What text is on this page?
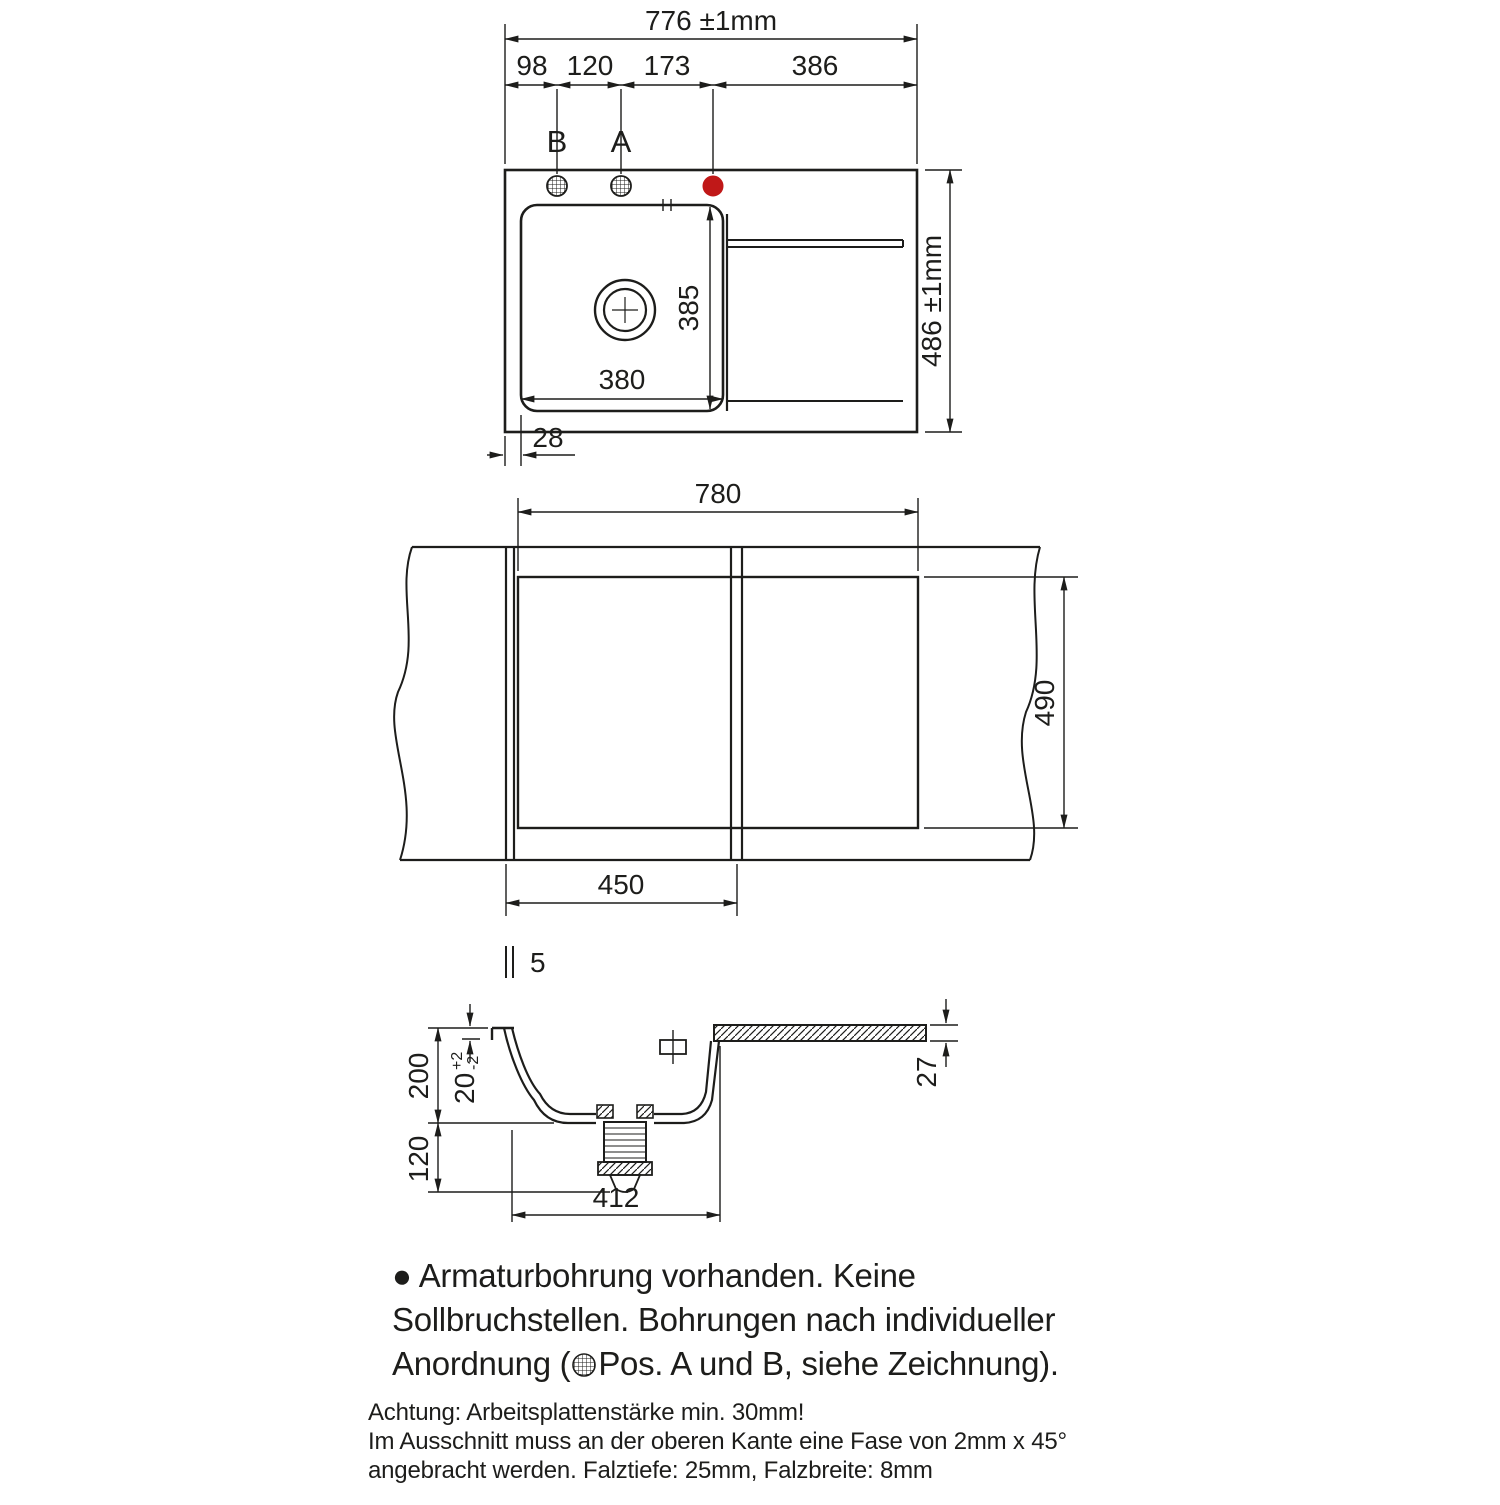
776 ±1mm
98 120 173	386
B A
486 ±1mm
385
380
28
780
490
450
5
200 20
+2 -2
120
412
27
● Armaturbohrung vorhanden. Keine
Sollbruchstellen. Bohrungen nach individueller
Anordnung ( Pos. A und B, siehe Zeichnung).
Achtung: Arbeitsplattenstärke min. 30mm!
Im Ausschnitt muss an der oberen Kante eine Fase von 2mm x 45°
angebracht werden. Falztiefe: 25mm, Falzbreite: 8mm
